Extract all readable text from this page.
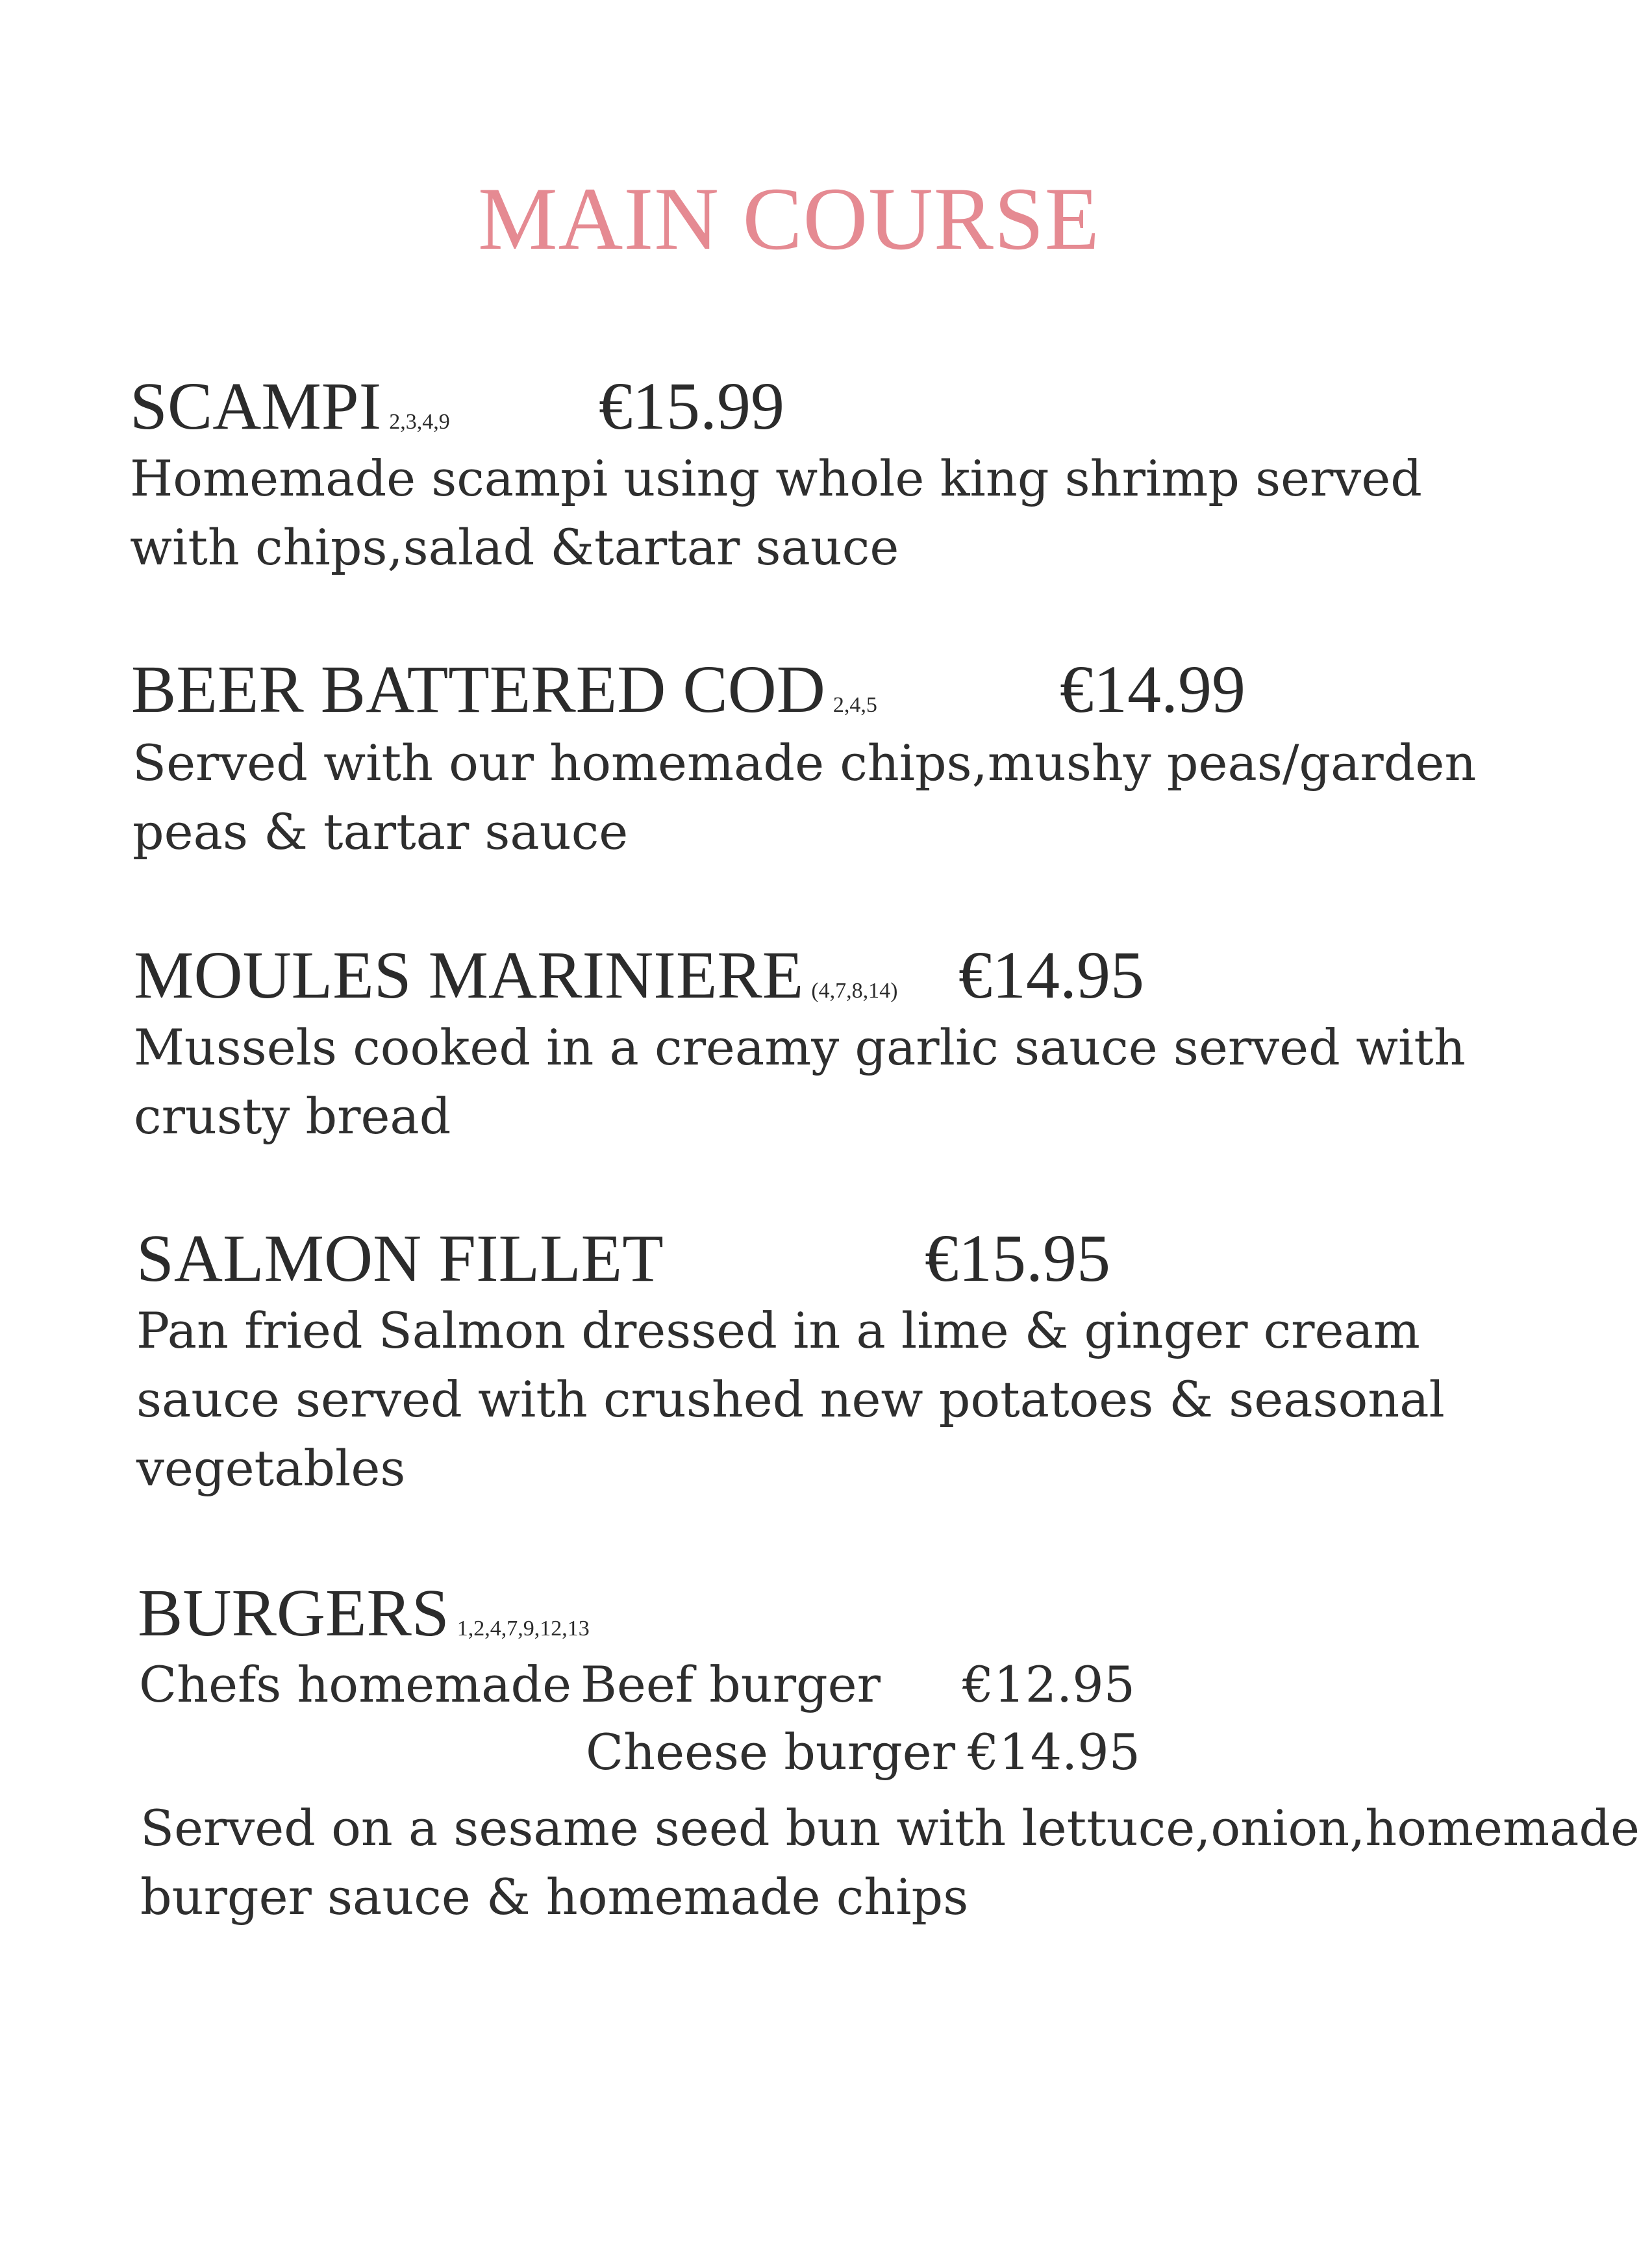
MAIN COURSE
SCAMPI 2,3,4,9 €15.99
Homemade scampi using whole king shrimp served
with chips,salad &tartar sauce
BEER BATTERED COD 2,4,5	€14.99
Served with our homemade chips,mushy peas/garden
peas & tartar sauce
MOULES MARINIERE (4,7,8,14) €14.95
Mussels cooked in a creamy garlic sauce served with
crusty bread
SALMON FILLET	€15.95
Pan fried Salmon dressed in a lime & ginger cream
sauce served with crushed new potatoes & seasonal
vegetables
BURGERS 1,2,4,7,9,12,13
Chefs homemade Beef burger €12.95
Cheese burger €14.95
Served on a sesame seed bun with lettuce,onion,homemade
burger sauce & homemade chips
